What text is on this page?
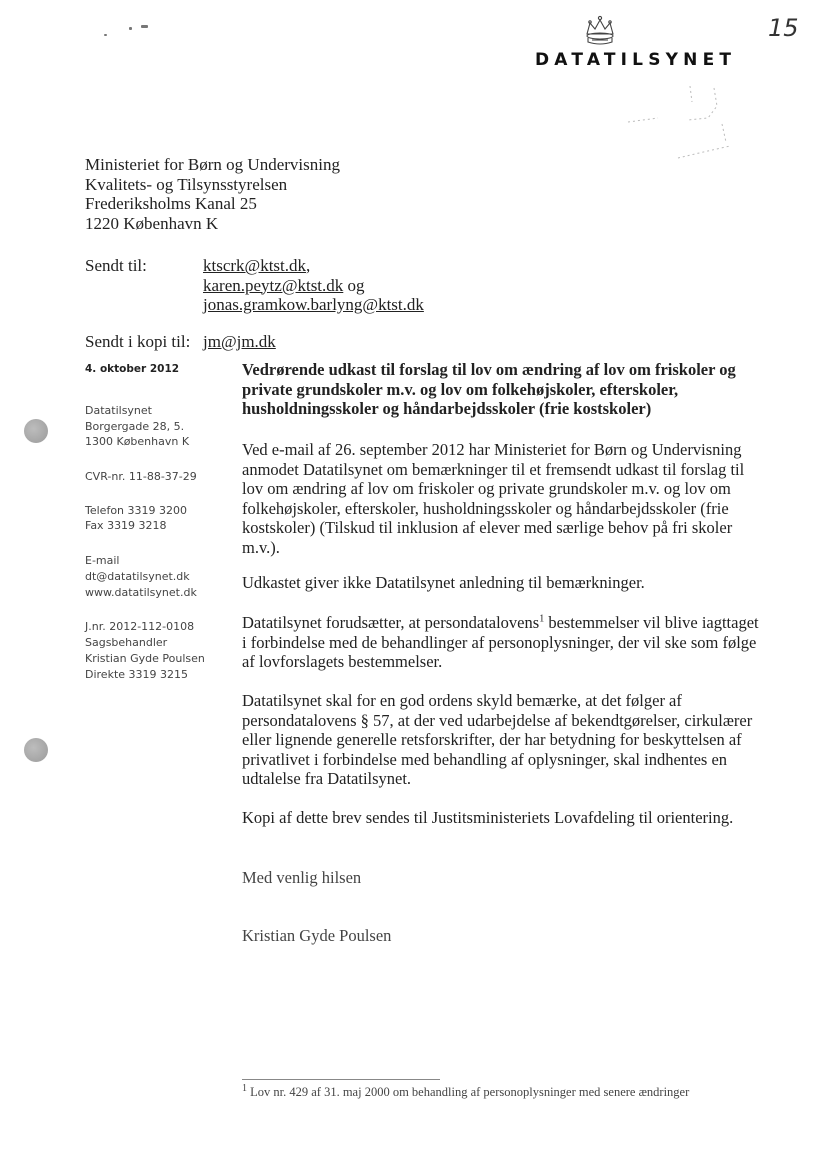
DATATILSYNET
15
Ministeriet for Børn og Undervisning
Kvalitets- og Tilsynsstyrelsen
Frederiksholms Kanal 25
1220 København K
Sendt til:	ktscrk@ktst.dk,
karen.peytz@ktst.dk og
jonas.gramkow.barlyng@ktst.dk
Sendt i kopi til: jm@jm.dk
4. oktober 2012
Datatilsynet
Borgergade 28, 5.
1300 København K
CVR-nr. 11-88-37-29
Telefon 3319 3200
Fax 3319 3218
E-mail
dt@datatilsynet.dk
www.datatilsynet.dk
J.nr. 2012-112-0108
Sagsbehandler
Kristian Gyde Poulsen
Direkte 3319 3215
Vedrørende udkast til forslag til lov om ændring af lov om friskoler og private grundskoler m.v. og lov om folkehøjskoler, efterskoler, husholdningsskoler og håndarbejdsskoler (frie kostskoler)
Ved e-mail af 26. september 2012 har Ministeriet for Børn og Undervisning anmodet Datatilsynet om bemærkninger til et fremsendt udkast til forslag til lov om ændring af lov om friskoler og private grundskoler m.v. og lov om folkehøjskoler, efterskoler, husholdningsskoler og håndarbejdsskoler (frie kostskoler) (Tilskud til inklusion af elever med særlige behov på fri skoler m.v.).
Udkastet giver ikke Datatilsynet anledning til bemærkninger.
Datatilsynet forudsætter, at persondatalovens$^1$ bestemmelser vil blive iagttaget i forbindelse med de behandlinger af personoplysninger, der vil ske som følge af lovforslagets bestemmelser.
Datatilsynet skal for en god ordens skyld bemærke, at det følger af persondatalovens § 57, at der ved udarbejdelse af bekendtgørelser, cirkulærer eller lignende generelle retsforskrifter, der har betydning for beskyttelsen af privatlivet i forbindelse med behandling af oplysninger, skal indhentes en udtalelse fra Datatilsynet.
Kopi af dette brev sendes til Justitsministeriets Lovafdeling til orientering.
Med venlig hilsen
Kristian Gyde Poulsen
$^1$ Lov nr. 429 af 31. maj 2000 om behandling af personoplysninger med senere ændringer
